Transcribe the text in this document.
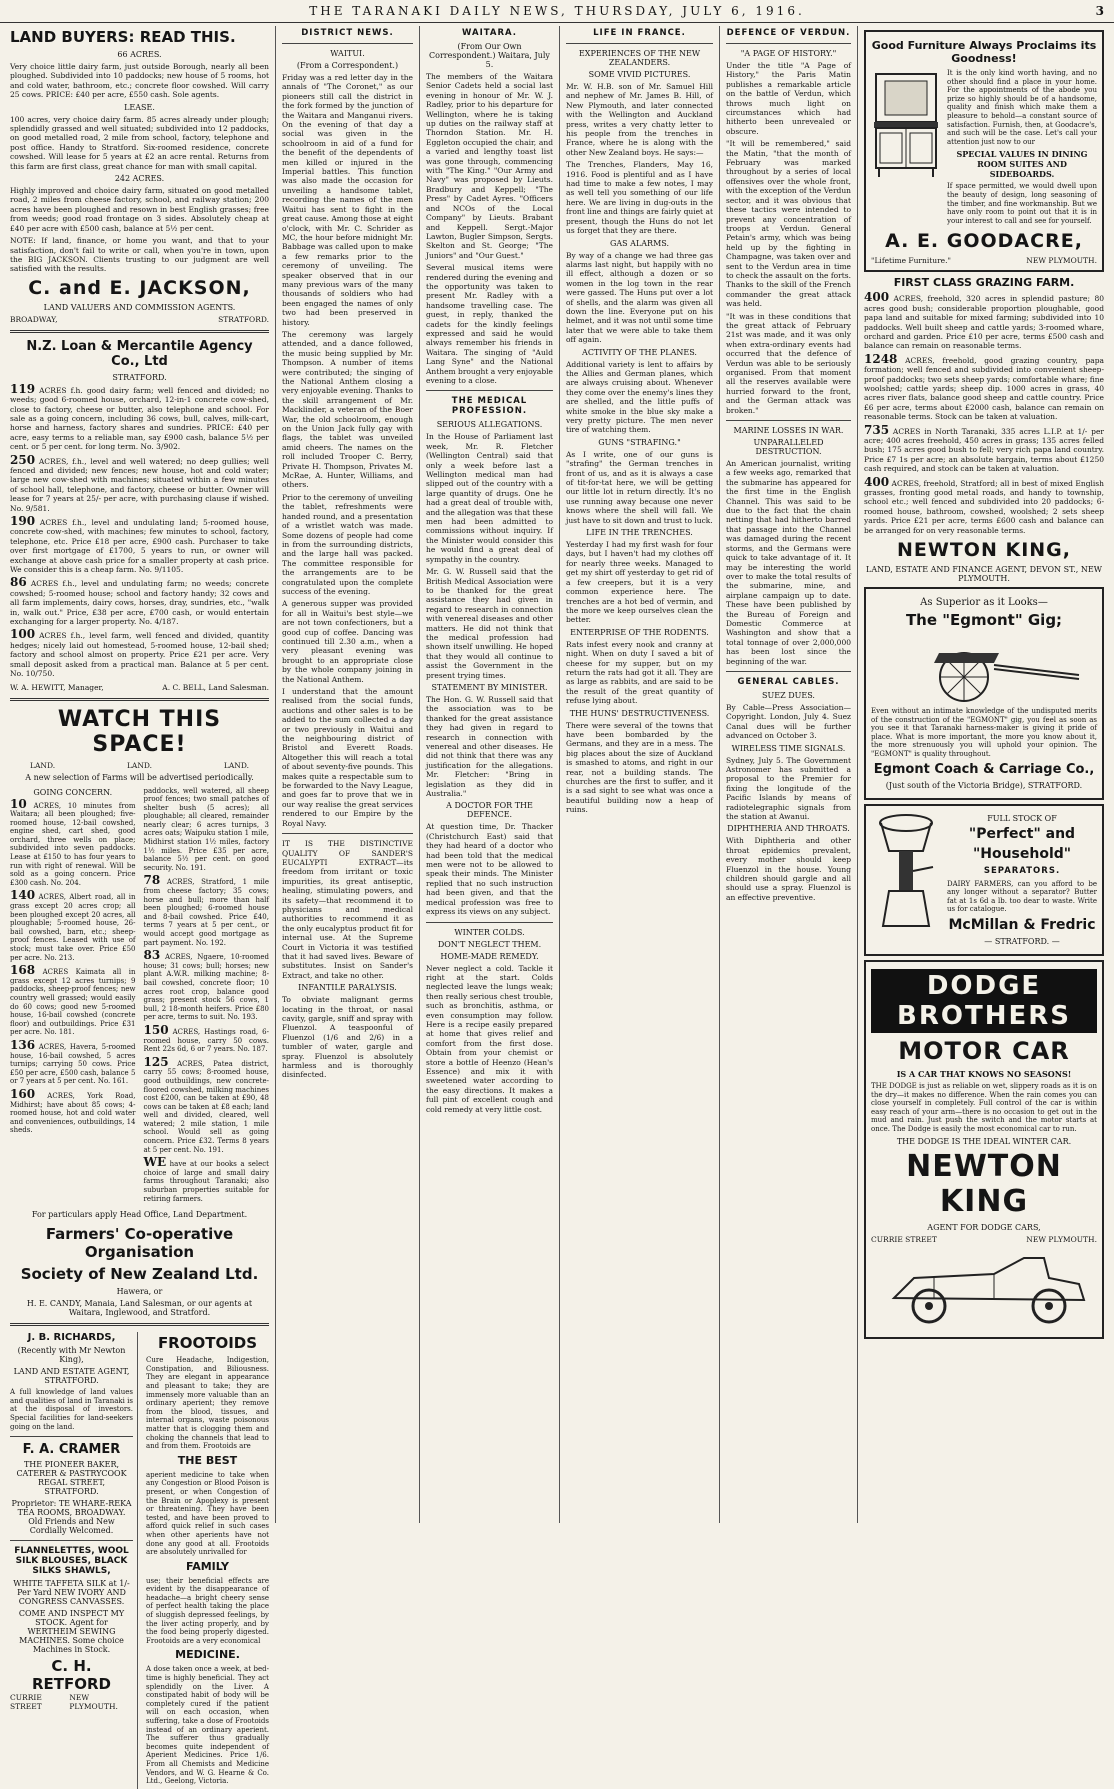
THE TARANAKI DAILY NEWS, THURSDAY, JULY 6, 1916.	3
LAND BUYERS: READ THIS.
66 ACRES.

Very choice little dairy farm, just outside Borough, nearly all been ploughed. Subdivided into 10 paddocks; new house of 5 rooms, hot and cold water, bathroom, etc.; concrete floor cowshed. Will carry 25 cows. PRICE: £40 per acre, £550 cash. Sole agents.

LEASE.

100 acres, very choice dairy farm. 85 acres already under plough; splendidly grassed and well situated; subdivided into 12 paddocks, on good metalled road, 2 mile from school, factory, telephone and post office. Handy to Stratford. Six-roomed residence, concrete cowshed. Will lease for 5 years at £2 an acre rental. Returns from this farm are first class, great chance for man with small capital.

242 ACRES.

Highly improved and choice dairy farm, situated on good metalled road, 2 miles from cheese factory, school, and railway station; 200 acres have been ploughed and resown in best English grasses; free from weeds; good road frontage on 3 sides. Absolutely cheap at £40 per acre with £500 cash, balance at 5½ per cent.

NOTE: If land, finance, or home you want, and that to your satisfaction, don't fail to write or call, when you're in town, upon the BIG JACKSON. Clients trusting to our judgment are well satisfied with the results.

C. and E. JACKSON,
LAND VALUERS AND COMMISSION AGENTS.
BROADWAY,	STRATFORD.
N.Z. Loan & Mercantile Agency Co., Ltd
STRATFORD.
119 ACRES f.h. good dairy farm; well fenced and divided; no weeds; good 6-roomed house, orchard, 12-in-1 concrete cow-shed, close to factory, cheese or butter, also telephone and school. For sale as a going concern, including 36 cows, bull, calves, milk-cart, horse and harness, factory shares and sundries. PRICE: £40 per acre, easy terms to a reliable man, say £900 cash, balance 5½ per cent. or 5 per cent. for long term. No. 3/902.
250 ACRES, f.h., level and well watered; no deep gullies; well fenced and divided; new fences; new house, hot and cold water; large new cow-shed with machines; situated within a few minutes of school hall, telephone, and factory, cheese or butter. Owner will lease for 7 years at 25/- per acre, with purchasing clause if wished. No. 9/581.
190 ACRES f.h., level and undulating land; 5-roomed house, concrete cow-shed, with machines; few minutes to school, factory, telephone, etc. Price £18 per acre, £900 cash. Purchaser to take over first mortgage of £1700, 5 years to run, or owner will exchange at above cash price for a smaller property at cash price. We consider this is a cheap farm. No. 9/1105.
86 ACRES f.h., level and undulating farm; no weeds; concrete cowshed; 5-roomed house; school and factory handy; 32 cows and all farm implements, dairy cows, horses, dray, sundries, etc., "walk in, walk out." Price, £38 per acre, £700 cash, or would entertain exchanging for a larger property. No. 4/187.
100 ACRES f.h., level farm, well fenced and divided, quantity hedges; nicely laid out homestead, 5-roomed house, 12-bail shed; factory and school almost on property. Price £21 per acre. Very small deposit asked from a practical man. Balance at 5 per cent. No. 10/750.
W. A. HEWITT, Manager,	A. C. BELL, Land Salesman.
WATCH THIS SPACE!
LAND.	LAND.	LAND.
A new selection of Farms will be advertised periodically.
GOING CONCERN.
10 ACRES, 10 minutes from Waitara; all been ploughed; five-roomed house, 12-bail cowshed, engine shed, cart shed, good orchard, three wells on place; subdivided into seven paddocks. Lease at £150 to has four years to run with right of renewal. Will be sold as a going concern. Price £300 cash. No. 204.
140 ACRES, Albert road, all in grass except 20 acres crop; all been ploughed except 20 acres, all ploughable; 5-roomed house, 26-bail cowshed, barn, etc.; sheep-proof fences. Leased with use of stock; must take over. Price £50 per acre. No. 213.
168 ACRES Kaimata all in grass except 12 acres turnips; 9 paddocks, sheep-proof fences; new country well grassed; would easily do 60 cows; good new 5-roomed house, 16-bail cowshed (concrete floor) and outbuildings. Price £31 per acre. No. 181.
136 ACRES, Havera, 5-roomed house, 16-bail cowshed, 5 acres turnips; carrying 50 cows. Price £50 per acre, £500 cash, balance 5 or 7 years at 5 per cent. No. 161.
160 ACRES, York Road, Midhirst; have about 85 cows; 4-roomed house, hot and cold water and conveniences, outbuildings, 14 sheds.
paddocks, well watered, all sheep proof fences; two small patches of shelter bush (5 acres); all ploughable; all cleared, remainder nearly clear; 6 acres turnips, 3 acres oats; Waipuku station 1 mile, Midhirst station 1½ miles, factory 1½ miles. Price £35 per acre, balance 5½ per cent. on good security. No. 191.
78 ACRES, Stratford, 1 mile from cheese factory; 35 cows; horse and bull; more than half been ploughed; 6-roomed house and 8-bail cowshed. Price £40, terms 7 years at 5 per cent., or would accept good mortgage as part payment. No. 192.
83 ACRES, Ngaere, 10-roomed house; 31 cows; bull; horses; new plant A.W.R. milking machine; 8-bail cowshed, concrete floor; 10 acres root crop, balance good grass; present stock 56 cows, 1 bull, 2 18-month heifers. Price £80 per acre, terms to suit. No. 193.
150 ACRES, Hastings road, 6-roomed house, carry 50 cows. Rent 22s 6d, 6 or 7 years. No. 187.
125 ACRES, Patea district, carry 55 cows; 8-roomed house, good outbuildings, new concrete-floored cowshed, milking machines cost £200, can be taken at £90, 48 cows can be taken at £8 each; land well and divided, cleared, well watered; 2 mile station, 1 mile school. Would sell as going concern. Price £32. Terms 8 years at 5 per cent. No. 191.
WE have at our books a select choice of large and small dairy farms throughout Taranaki; also suburban properties suitable for retiring farmers.
For particulars apply Head Office, Land Department.
Farmers' Co-operative Organisation
Society of New Zealand Ltd.
Hawera, or
H. E. CANDY, Manaia, Land Salesman, or our agents at Waitara, Inglewood, and Stratford.
J. B. RICHARDS,
(Recently with Mr Newton King),
LAND AND ESTATE AGENT, STRATFORD.

A full knowledge of land values and qualities of land in Taranaki is at the disposal of investors. Special facilities for land-seekers going on the land.

F. A. CRAMER
THE PIONEER BAKER, CATERER & PASTRYCOOK REGAL STREET, STRATFORD.
Proprietor: TE WHARE-REKA TEA ROOMS, BROADWAY. Old Friends and New Cordially Welcomed.
FLANNELETTES, WOOL SILK BLOUSES, BLACK SILKS SHAWLS,
WHITE TAFFETA SILK at 1/- Per Yard NEW IVORY AND CONGRESS CANVASSES.
COME AND INSPECT MY STOCK. Agent for WERTHEIM SEWING MACHINES. Some choice Machines in Stock.
C. H. RETFORD
CURRIE STREET
NEW PLYMOUTH.
FROOTOIDS

Cure Headache, Indigestion, Constipation, and Biliousness. They are elegant in appearance and pleasant to take; they are immensely more valuable than an ordinary aperient; they remove from the blood, tissues, and internal organs, waste poisonous matter that is clogging them and choking the channels that lead to and from them. Frootoids are

THE BEST

aperient medicine to take when any Congestion or Blood Poison is present, or when Congestion of the Brain or Apoplexy is present or threatening. They have been tested, and have been proved to afford quick relief in such cases when other aperients have not done any good at all. Frootoids are absolutely unrivalled for

FAMILY

use; their beneficial effects are evident by the disappearance of headache—a bright cheery sense of perfect health taking the place of sluggish depressed feelings, by the liver acting properly, and by the food being properly digested. Frootoids are a very economical

MEDICINE.

A dose taken once a week, at bed-time is highly beneficial. They act splendidly on the Liver. A constipated habit of body will be completely cured if the patient will on each occasion, when suffering, take a dose of Frootoids instead of an ordinary aperient. The sufferer thus gradually becomes quite independent of Aperient Medicines. Price 1/6. From all Chemists and Medicine Vendors, and W. G. Hearne & Co. Ltd., Geelong, Victoria.

DISTRICT NEWS.
WAITUI.
(From a Correspondent.)

Friday was a red letter day in the annals of "The Coronet," as our pioneers still call the district in the fork formed by the junction of the Waitara and Manganui rivers. On the evening of that day a social was given in the schoolroom in aid of a fund for the benefit of the dependents of men killed or injured in the Imperial battles. This function was also made the occasion for unveiling a handsome tablet, recording the names of the men Waitui has sent to fight in the great cause. Among those at eight o'clock, with Mr. C. Schrider as MC, the hour before midnight Mr. Babbage was called upon to make a few remarks prior to the ceremony of unveiling. The speaker observed that in our many previous wars of the many thousands of soldiers who had been engaged the names of only two had been preserved in history.

The ceremony was largely attended, and a dance followed, the music being supplied by Mr. Thompson. A number of items were contributed; the singing of the National Anthem closing a very enjoyable evening. Thanks to the skill arrangement of Mr. Macklinder, a veteran of the Boer War, the old schoolroom, enough on the Union Jack fully gay with flags, the tablet was unveiled amid cheers. The names on the roll included Trooper C. Berry, Private H. Thompson, Privates M. McRae, A. Hunter, Williams, and others.

Prior to the ceremony of unveiling the tablet, refreshments were handed round, and a presentation of a wristlet watch was made. Some dozens of people had come in from the surrounding districts, and the large hall was packed. The committee responsible for the arrangements are to be congratulated upon the complete success of the evening.

A generous supper was provided for all in Waitui's best style—we are not town confectioners, but a good cup of coffee. Dancing was continued till 2.30 a.m., when a very pleasant evening was brought to an appropriate close by the whole company joining in the National Anthem.

I understand that the amount realised from the social funds, auctions and other sales is to be added to the sum collected a day or two previously in Waitui and the neighbouring district of Bristol and Everett Roads. Altogether this will reach a total of about seventy-five pounds. This makes quite a respectable sum to be forwarded to the Navy League, and goes far to prove that we in our way realise the great services rendered to our Empire by the Royal Navy.

IT IS THE DISTINCTIVE QUALITY OF SANDER'S EUCALYPTI EXTRACT—its freedom from irritant or toxic impurities, its great antiseptic, healing, stimulating powers, and its safety—that recommend it to physicians and medical authorities to recommend it as the only eucalyptus product fit for internal use. At the Supreme Court in Victoria it was testified that it had saved lives. Beware of substitutes. Insist on Sander's Extract, and take no other.

INFANTILE PARALYSIS.

To obviate malignant germs locating in the throat, or nasal cavity, gargle, sniff and spray with Fluenzol. A teaspoonful of Fluenzol (1/6 and 2/6) in a tumbler of water, gargle and spray. Fluenzol is absolutely harmless and is thoroughly disinfected.

WAITARA.
(From Our Own Correspondent.) Waitara, July 5.

The members of the Waitara Senior Cadets held a social last evening in honour of Mr. W. J. Radley, prior to his departure for Wellington, where he is taking up duties on the railway staff at Thorndon Station. Mr. H. Eggleton occupied the chair, and a varied and lengthy toast list was gone through, commencing with "The King." "Our Army and Navy" was proposed by Lieuts. Bradbury and Keppell; "The Press" by Cadet Ayres. "Officers and NCOs of the Local Company" by Lieuts. Brabant and Keppell. Sergt.-Major Lawton, Bugler Simpson, Sergts. Skelton and St. George; "The Juniors" and "Our Guest."

Several musical items were rendered during the evening and the opportunity was taken to present Mr. Radley with a handsome travelling case. The guest, in reply, thanked the cadets for the kindly feelings expressed and said he would always remember his friends in Waitara. The singing of "Auld Lang Syne" and the National Anthem brought a very enjoyable evening to a close.

THE MEDICAL PROFESSION.
SERIOUS ALLEGATIONS.

In the House of Parliament last week, Mr. R. Fletcher (Wellington Central) said that only a week before last a Wellington medical man had slipped out of the country with a large quantity of drugs. One he had a great deal of trouble with, and the allegation was that these men had been admitted to commissions without inquiry. If the Minister would consider this he would find a great deal of sympathy in the country.

Mr. G. W. Russell said that the British Medical Association were to be thanked for the great assistance they had given in regard to research in connection with venereal diseases and other matters. He did not think that the medical profession had shown itself unwilling. He hoped that they would all continue to assist the Government in the present trying times.

STATEMENT BY MINISTER.

The Hon. G. W. Russell said that the association was to be thanked for the great assistance they had given in regard to research in connection with venereal and other diseases. He did not think that there was any justification for the allegations. Mr. Fletcher: "Bring in legislation as they did in Australia."

A DOCTOR FOR THE DEFENCE.

At question time, Dr. Thacker (Christchurch East) said that they had heard of a doctor who had been told that the medical men were not to be allowed to speak their minds. The Minister replied that no such instruction had been given, and that the medical profession was free to express its views on any subject.

WINTER COLDS.
DON'T NEGLECT THEM.
HOME-MADE REMEDY.

Never neglect a cold. Tackle it right at the start. Colds neglected leave the lungs weak; then really serious chest trouble, such as bronchitis, asthma, or even consumption may follow. Here is a recipe easily prepared at home that gives relief and comfort from the first dose. Obtain from your chemist or store a bottle of Heenzo (Hean's Essence) and mix it with sweetened water according to the easy directions. It makes a full pint of excellent cough and cold remedy at very little cost.

LIFE IN FRANCE.
EXPERIENCES OF THE NEW ZEALANDERS.
SOME VIVID PICTURES.

Mr. W. H.B. son of Mr. Samuel Hill and nephew of Mr. James B. Hill, of New Plymouth, and later connected with the Wellington and Auckland press, writes a very chatty letter to his people from the trenches in France, where he is along with the other New Zealand boys. He says:—

The Trenches, Flanders, May 16, 1916. Food is plentiful and as I have had time to make a few notes, I may as well tell you something of our life here. We are living in dug-outs in the front line and things are fairly quiet at present, though the Huns do not let us forget that they are there.

GAS ALARMS.

By way of a change we had three gas alarms last night, but happily with no ill effect, although a dozen or so women in the log town in the rear were gassed. The Huns put over a lot of shells, and the alarm was given all down the line. Everyone put on his helmet, and it was not until some time later that we were able to take them off again.

ACTIVITY OF THE PLANES.

Additional variety is lent to affairs by the Allies and German planes, which are always cruising about. Whenever they come over the enemy's lines they are shelled, and the little puffs of white smoke in the blue sky make a very pretty picture. The men never tire of watching them.

GUNS "STRAFING."

As I write, one of our guns is "strafing" the German trenches in front of us, and as it is always a case of tit-for-tat here, we will be getting our little lot in return directly. It's no use running away because one never knows where the shell will fall. We just have to sit down and trust to luck.

LIFE IN THE TRENCHES.

Yesterday I had my first wash for four days, but I haven't had my clothes off for nearly three weeks. Managed to get my shirt off yesterday to get rid of a few creepers, but it is a very common experience here. The trenches are a hot bed of vermin, and the more we keep ourselves clean the better.

ENTERPRISE OF THE RODENTS.

Rats infest every nook and cranny at night. When on duty I saved a bit of cheese for my supper, but on my return the rats had got it all. They are as large as rabbits, and are said to be the result of the great quantity of refuse lying about.

THE HUNS' DESTRUCTIVENESS.

There were several of the towns that have been bombarded by the Germans, and they are in a mess. The big places about the size of Auckland is smashed to atoms, and right in our rear, not a building stands. The churches are the first to suffer, and it is a sad sight to see what was once a beautiful building now a heap of ruins.

DEFENCE OF VERDUN.
"A PAGE OF HISTORY."

Under the title "A Page of History," the Paris Matin publishes a remarkable article on the battle of Verdun, which throws much light on circumstances which had hitherto been unrevealed or obscure.

"It will be remembered," said the Matin, "that the month of February was marked throughout by a series of local offensives over the whole front, with the exception of the Verdun sector, and it was obvious that these tactics were intended to prevent any concentration of troops at Verdun. General Petain's army, which was being held up by the fighting in Champagne, was taken over and sent to the Verdun area in time to check the assault on the forts. Thanks to the skill of the French commander the great attack was held.

"It was in these conditions that the great attack of February 21st was made, and it was only when extra-ordinary events had occurred that the defence of Verdun was able to be seriously organised. From that moment all the reserves available were hurried forward to the front, and the German attack was broken."

MARINE LOSSES IN WAR.
UNPARALLELED DESTRUCTION.

An American journalist, writing a few weeks ago, remarked that the submarine has appeared for the first time in the English Channel. This was said to be due to the fact that the chain netting that had hitherto barred that passage into the Channel was damaged during the recent storms, and the Germans were quick to take advantage of it. It may be interesting the world over to make the total results of the submarine, mine, and airplane campaign up to date. These have been published by the Bureau of Foreign and Domestic Commerce at Washington and show that a total tonnage of over 2,000,000 has been lost since the beginning of the war.

GENERAL CABLES.
SUEZ DUES.

By Cable—Press Association—Copyright. London, July 4. Suez Canal dues will be further advanced on October 3.

WIRELESS TIME SIGNALS.

Sydney, July 5. The Government Astronomer has submitted a proposal to the Premier for fixing the longitude of the Pacific Islands by means of radiotelegraphic signals from the station at Awanui.

DIPHTHERIA AND THROATS.

With Diphtheria and other throat epidemics prevalent, every mother should keep Fluenzol in the house. Young children should gargle and all should use a spray. Fluenzol is an effective preventive.

Good Furniture Always Proclaims its Goodness!

It is the only kind worth having, and no other should find a place in your home. For the appointments of the abode you prize so highly should be of a handsome, quality and finish which make them a pleasure to behold—a constant source of satisfaction. Furnish, then, at Goodacre's, and such will be the case. Let's call your attention just now to our

SPECIAL VALUES IN DINING ROOM SUITES AND SIDEBOARDS.

If space permitted, we would dwell upon the beauty of design, long seasoning of the timber, and fine workmanship. But we have only room to point out that it is in your interest to call and see for yourself.

A. E. GOODACRE,
"Lifetime Furniture."	NEW PLYMOUTH.
FIRST CLASS GRAZING FARM.
400 ACRES, freehold, 320 acres in splendid pasture; 80 acres good bush; considerable proportion ploughable, good papa land and suitable for mixed farming; subdivided into 10 paddocks. Well built sheep and cattle yards; 3-roomed whare, orchard and garden. Price £10 per acre, terms £500 cash and balance can remain on reasonable terms.
1248 ACRES, freehold, good grazing country, papa formation; well fenced and subdivided into convenient sheep-proof paddocks; two sets sheep yards; comfortable whare; fine woolshed; cattle yards; sheep dip. 1000 acres in grass, 40 acres river flats, balance good sheep and cattle country. Price £6 per acre, terms about £2000 cash, balance can remain on reasonable terms. Stock can be taken at valuation.
735 ACRES in North Taranaki, 335 acres L.I.P. at 1/- per acre; 400 acres freehold, 450 acres in grass; 135 acres felled bush; 175 acres good bush to fell; very rich papa land country. Price £7 1s per acre; an absolute bargain, terms about £1250 cash required, and stock can be taken at valuation.
400 ACRES, freehold, Stratford; all in best of mixed English grasses, fronting good metal roads, and handy to township, school etc.; well fenced and subdivided into 20 paddocks; 6-roomed house, bathroom, cowshed, woolshed; 2 sets sheep yards. Price £21 per acre, terms £600 cash and balance can be arranged for on very reasonable terms.
NEWTON KING,
LAND, ESTATE AND FINANCE AGENT, DEVON ST., NEW PLYMOUTH.
As Superior as it Looks—
The "Egmont" Gig;

Even without an intimate knowledge of the undisputed merits of the construction of the "EGMONT" gig, you feel as soon as you see it that Taranaki harness-maker is giving it pride of place. What is more important, the more you know about it, the more strenuously you will uphold your opinion. The "EGMONT" is quality throughout.

Egmont Coach & Carriage Co.,
(Just south of the Victoria Bridge), STRATFORD.
FULL STOCK OF
"Perfect" and
"Household"
SEPARATORS.

DAIRY FARMERS, can you afford to be any longer without a separator? Butter fat at 1s 6d a lb. too dear to waste. Write us for catalogue.

McMillan & Fredric
— STRATFORD. —
DODGE BROTHERS
MOTOR CAR
IS A CAR THAT KNOWS NO SEASONS!

THE DODGE is just as reliable on wet, slippery roads as it is on the dry—it makes no difference. When the rain comes you can close yourself in completely. Full control of the car is within easy reach of your arm—there is no occasion to get out in the mud and rain. Just push the switch and the motor starts at once. The Dodge is easily the most economical car to run.

THE DODGE IS THE IDEAL WINTER CAR.
NEWTON KING
AGENT FOR DODGE CARS,
CURRIE STREET	NEW PLYMOUTH.
